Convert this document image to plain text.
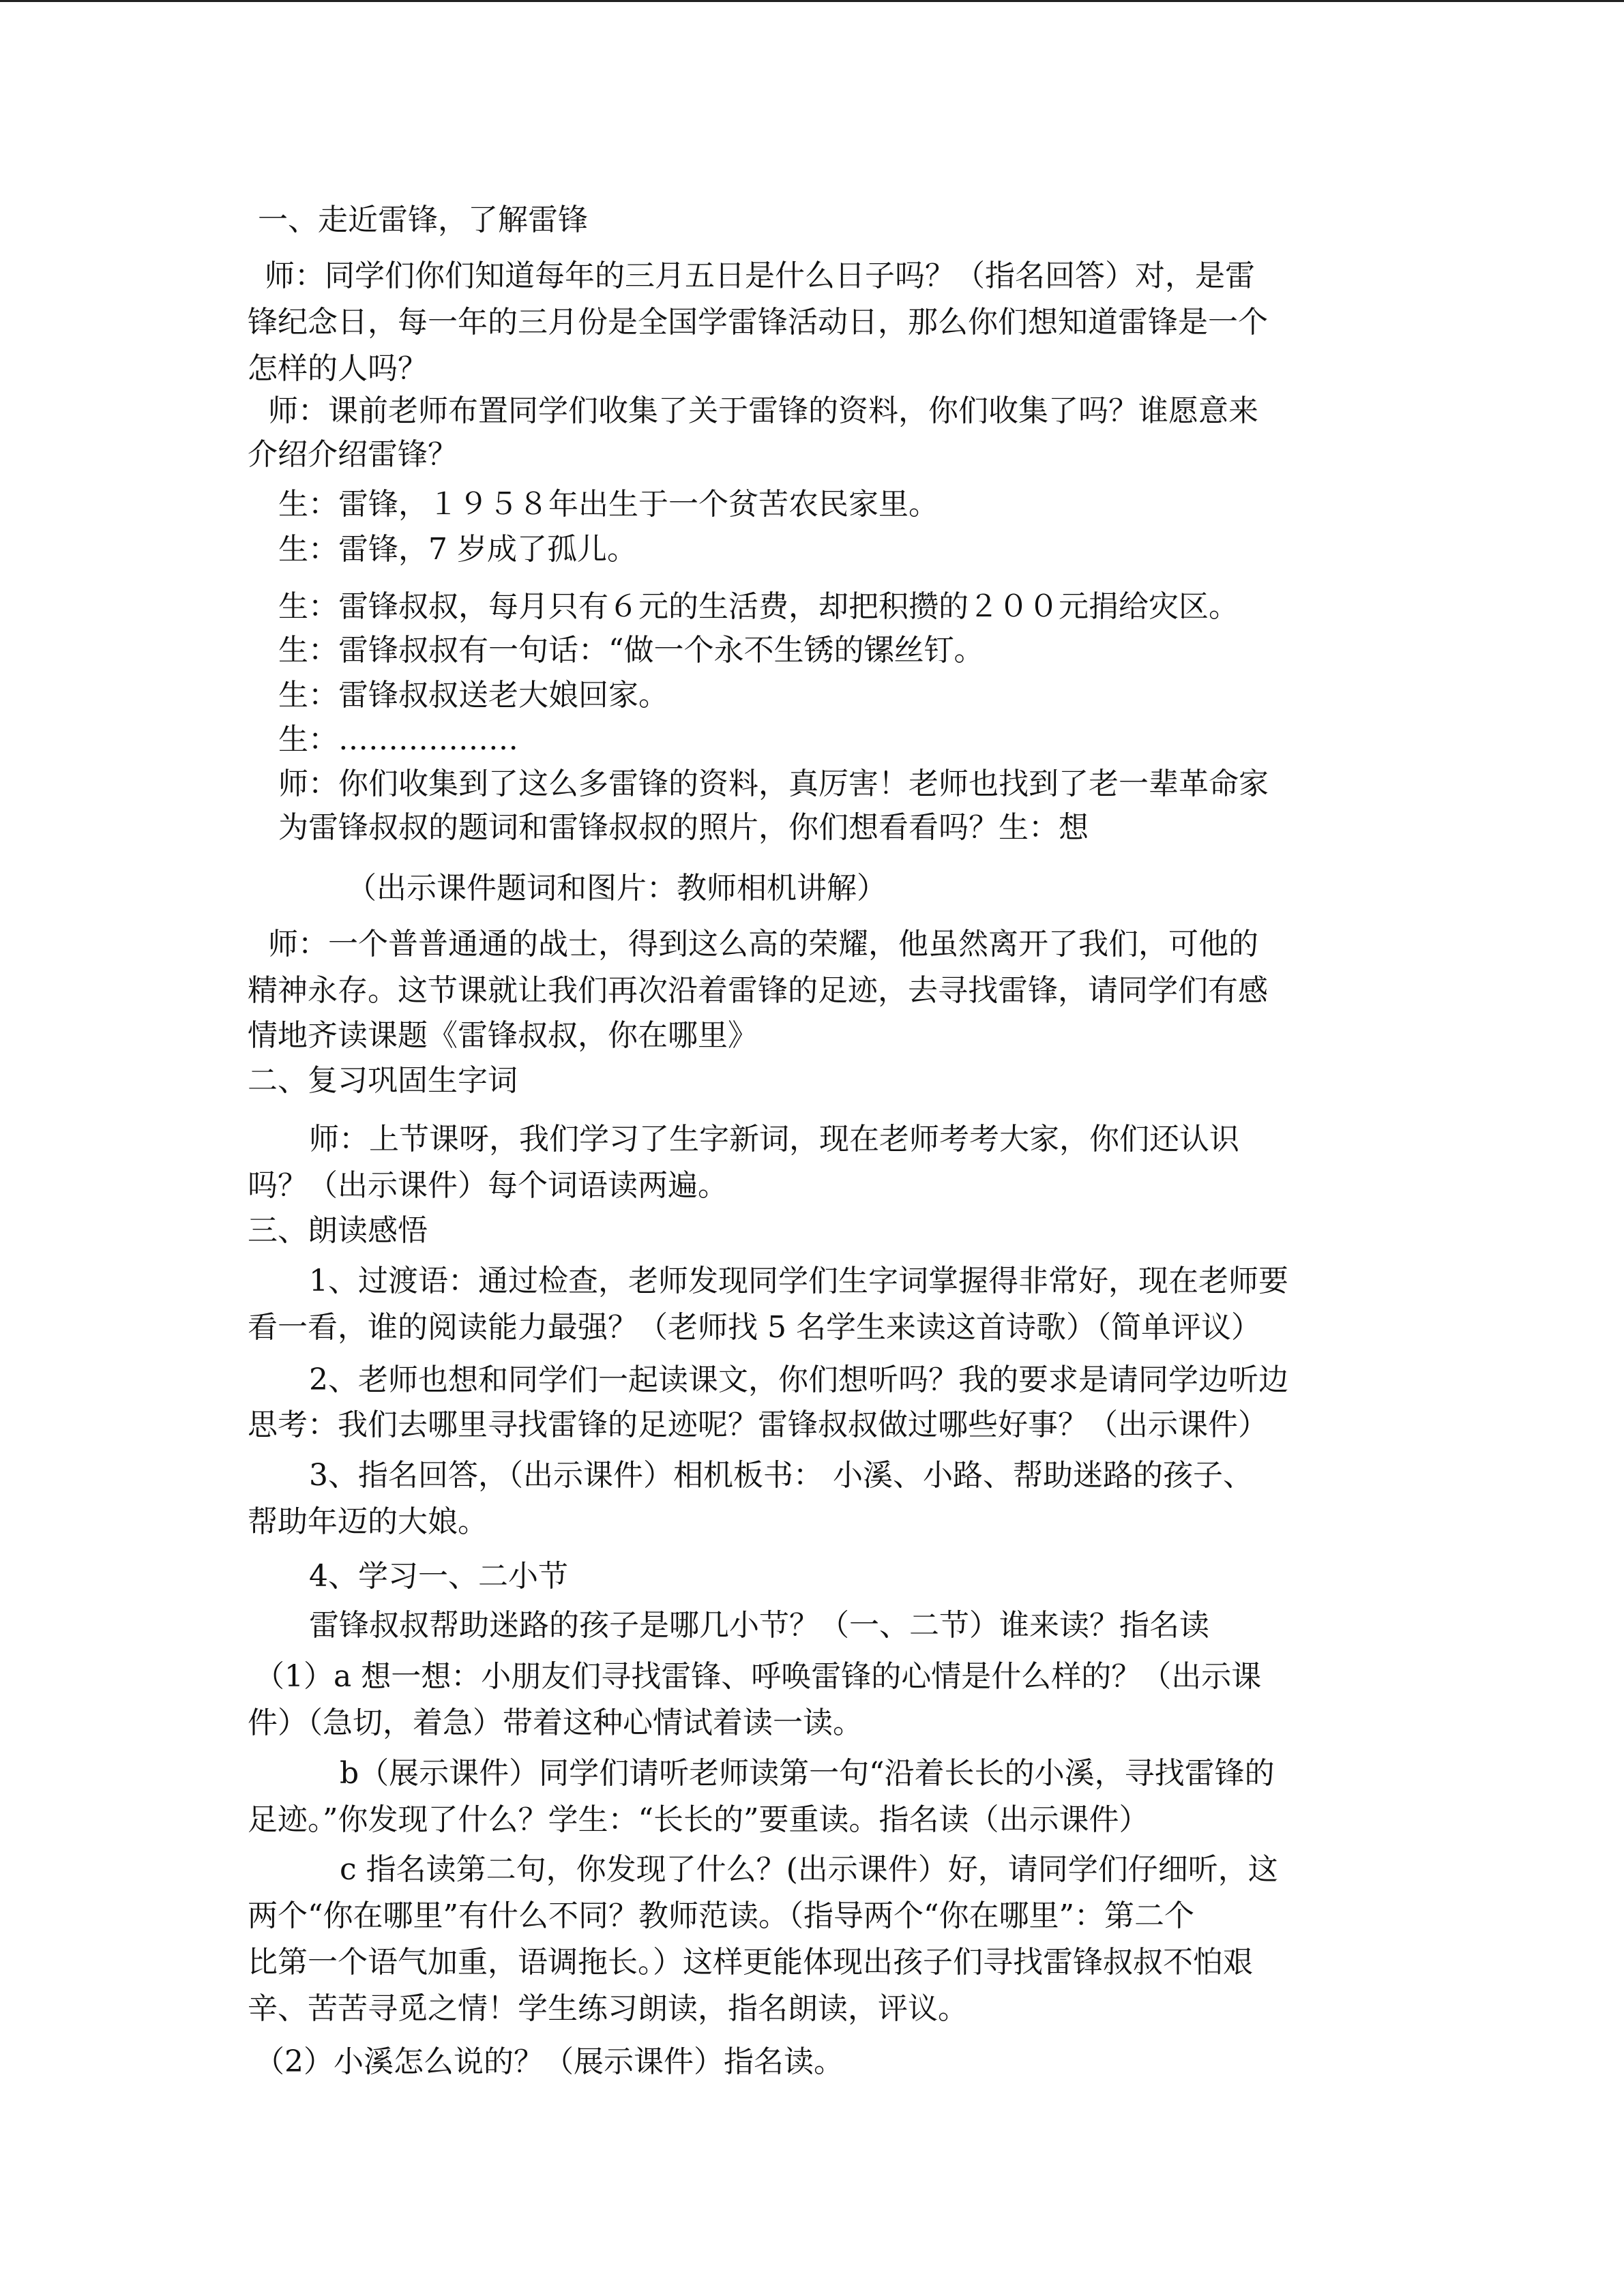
一、走近雷锋，了解雷锋
师：同学们你们知道每年的三月五日是什么日子吗？（指名回答）对，是雷
锋纪念日，每一年的三月份是全国学雷锋活动日，那么你们想知道雷锋是一个
怎样的人吗？
师：课前老师布置同学们收集了关于雷锋的资料，你们收集了吗？谁愿意来
介绍介绍雷锋？
生：雷锋，１９５８年出生于一个贫苦农民家里。
生：雷锋，7 岁成了孤儿。
生：雷锋叔叔，每月只有６元的生活费，却把积攒的２００元捐给灾区。
生：雷锋叔叔有一句话：“做一个永不生锈的镙丝钉。
生：雷锋叔叔送老大娘回家。
生：………………
师：你们收集到了这么多雷锋的资料，真厉害！老师也找到了老一辈革命家
为雷锋叔叔的题词和雷锋叔叔的照片，你们想看看吗？生：想
（出示课件题词和图片：教师相机讲解）
师：一个普普通通的战士，得到这么高的荣耀，他虽然离开了我们，可他的
精神永存。这节课就让我们再次沿着雷锋的足迹，去寻找雷锋，请同学们有感
情地齐读课题《雷锋叔叔，你在哪里》
二、复习巩固生字词
师：上节课呀，我们学习了生字新词，现在老师考考大家，你们还认识
吗？（出示课件）每个词语读两遍。
三、朗读感悟
1、过渡语：通过检查，老师发现同学们生字词掌握得非常好，现在老师要
看一看，谁的阅读能力最强？（老师找 5 名学生来读这首诗歌）（简单评议）
2、老师也想和同学们一起读课文，你们想听吗？我的要求是请同学边听边
思考：我们去哪里寻找雷锋的足迹呢？雷锋叔叔做过哪些好事？（出示课件）
3、指名回答，（出示课件）相机板书： 小溪、小路、帮助迷路的孩子、
帮助年迈的大娘。
4、学习一、二小节
雷锋叔叔帮助迷路的孩子是哪几小节？（一、二节）谁来读？指名读
（1）a 想一想：小朋友们寻找雷锋、呼唤雷锋的心情是什么样的？（出示课
件）（急切，着急）带着这种心情试着读一读。
b（展示课件）同学们请听老师读第一句“沿着长长的小溪，寻找雷锋的
足迹。”你发现了什么？学生：“长长的”要重读。指名读（出示课件）
c 指名读第二句，你发现了什么？(出示课件）好，请同学们仔细听，这
两个“你在哪里”有什么不同？教师范读。（指导两个“你在哪里”：第二个
比第一个语气加重，语调拖长。）这样更能体现出孩子们寻找雷锋叔叔不怕艰
辛、苦苦寻觅之情！学生练习朗读，指名朗读，评议。
（2）小溪怎么说的？（展示课件）指名读。
